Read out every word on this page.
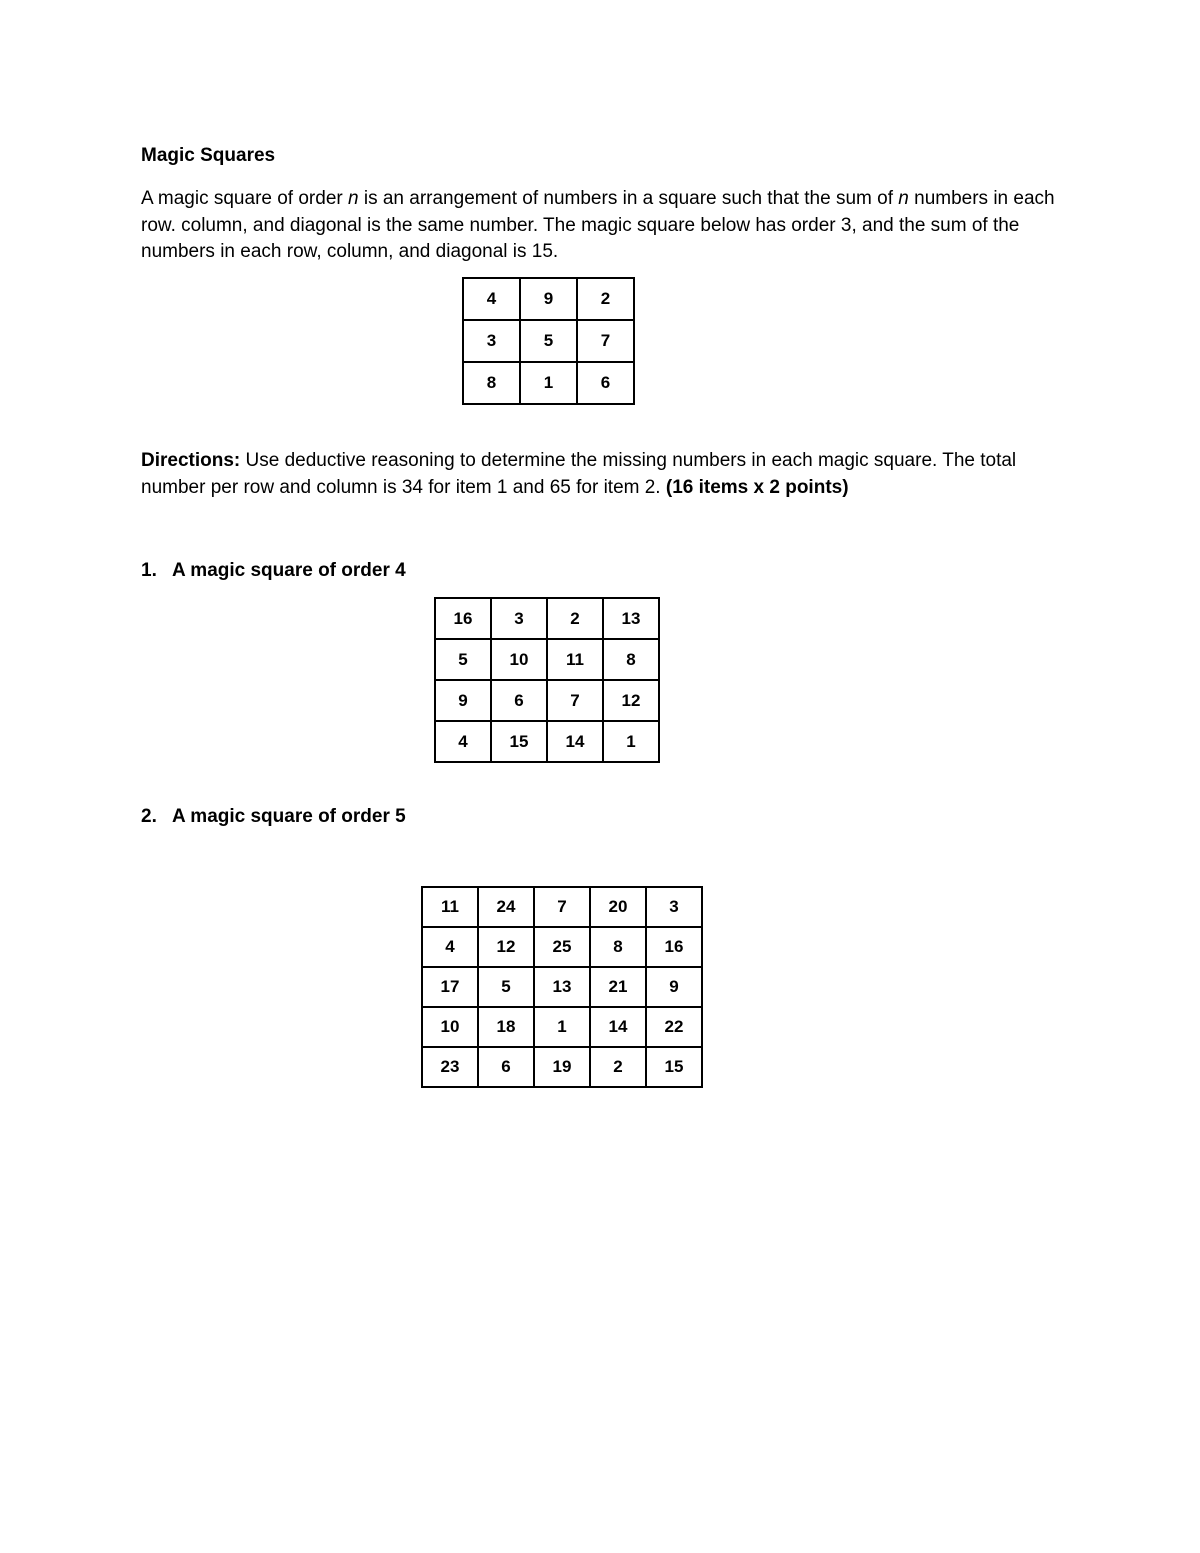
Magic Squares
A magic square of order n is an arrangement of numbers in a square such that the sum of n numbers in each row. column, and diagonal is the same number. The magic square below has order 3, and the sum of the numbers in each row, column, and diagonal is 15.
4	9	2
3	5	7
8	1	6
Directions: Use deductive reasoning to determine the missing numbers in each magic square. The total number per row and column is 34 for item 1 and 65 for item 2. (16 items x 2 points)
1. A magic square of order 4
16	3	2	13
5	10	11	8
9	6	7	12
4	15	14	1
2. A magic square of order 5
11	24	7	20	3
4	12	25	8	16
17	5	13	21	9
10	18	1	14	22
23	6	19	2	15
